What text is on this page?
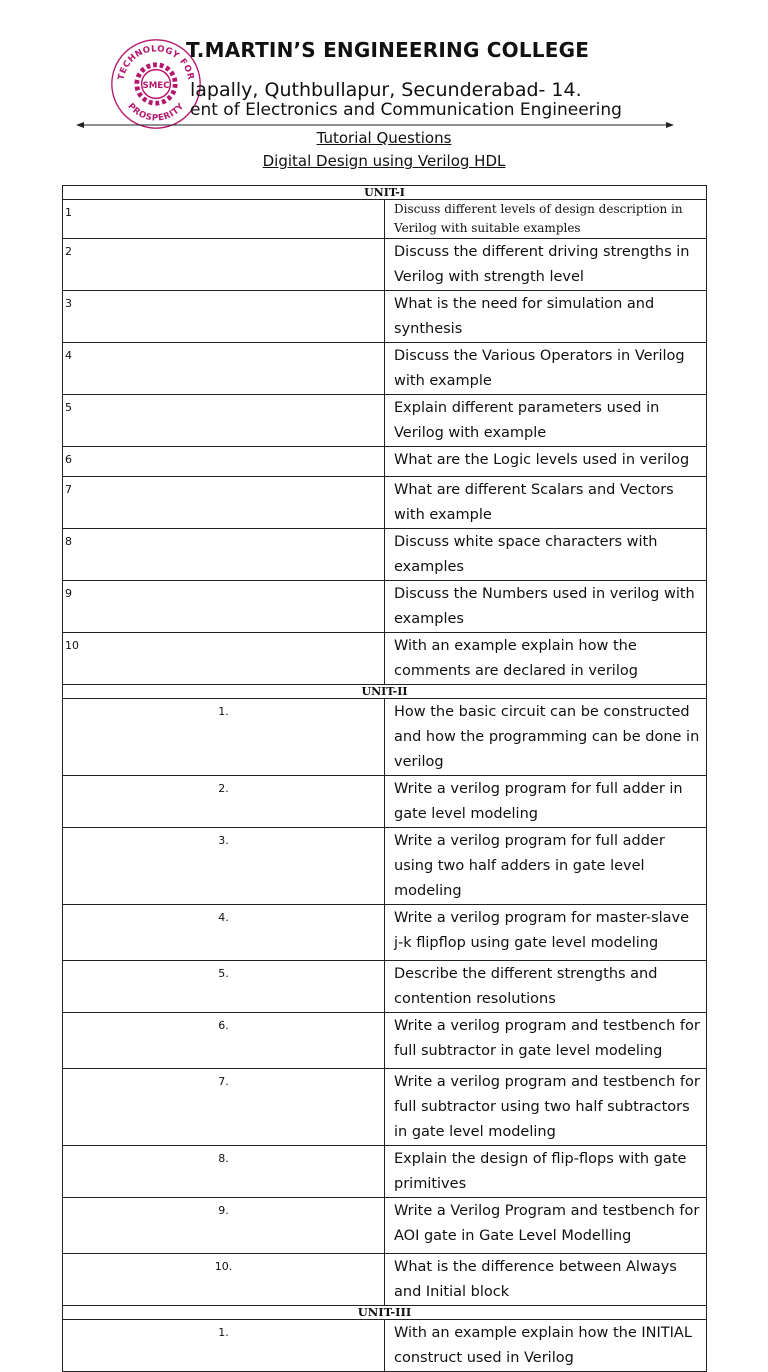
TECHNOLOGY FOR
PROSPERITY
SMEC
T.MARTIN’S ENGINEERING COLLEGE
lapally, Quthbullapur, Secunderabad- 14.
ent of Electronics and Communication Engineering
Tutorial Questions
Digital Design using Verilog HDL
UNIT-I	
1	Discuss different levels of design description in Verilog with suitable examples
2	Discuss the different driving strengths in Verilog with strength level
3	What is the need for simulation and synthesis
4	Discuss the Various Operators in Verilog with example
5	Explain different parameters used in Verilog with example
6	What are the Logic levels used in verilog
7	What are different Scalars and Vectors with example
8	Discuss white space characters with examples
9	Discuss the Numbers used in verilog with examples
10	With an example explain how the comments are declared in verilog
UNIT-II	
1.	How the basic circuit can be constructed and how the programming can be done in verilog
2.	Write a verilog program for full adder in gate level modeling
3.	Write a verilog program for full adder using two half adders in gate level modeling
4.	Write a verilog program for master-slave j-k flipflop using gate level modeling
5.	Describe the different strengths and contention resolutions
6.	Write a verilog program and testbench for full subtractor in gate level modeling
7.	Write a verilog program and testbench for full subtractor using two half subtractors in gate level modeling
8.	Explain the design of flip-flops with gate primitives
9.	Write a Verilog Program and testbench for AOI gate in Gate Level Modelling
10.	What is the difference between Always and Initial block
UNIT-III	
1.	With an example explain how the INITIAL construct used in Verilog
